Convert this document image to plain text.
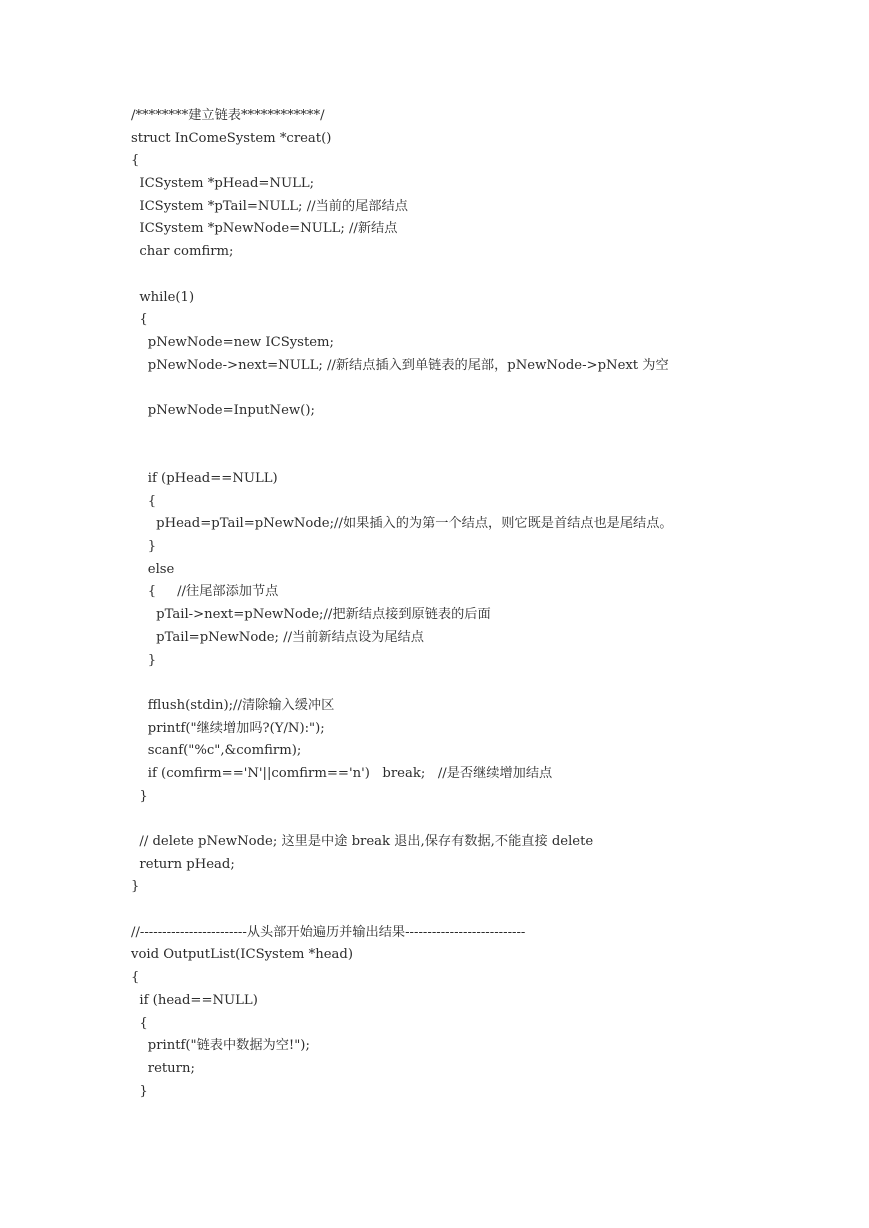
/********建立链表************/
struct InComeSystem *creat()
{
ICSystem *pHead=NULL;
ICSystem *pTail=NULL; //当前的尾部结点
ICSystem *pNewNode=NULL; //新结点
char comfirm;
while(1)
{
pNewNode=new ICSystem;
pNewNode->next=NULL; //新结点插入到单链表的尾部，pNewNode->pNext 为空
pNewNode=InputNew();
if (pHead==NULL)
{
pHead=pTail=pNewNode;//如果插入的为第一个结点，则它既是首结点也是尾结点。
}
else
{     //往尾部添加节点
pTail->next=pNewNode;//把新结点接到原链表的后面
pTail=pNewNode; //当前新结点设为尾结点
}
fflush(stdin);//清除输入缓冲区
printf("继续增加吗?(Y/N):");
scanf("%c",&comfirm);
if (comfirm=='N'||comfirm=='n')   break;   //是否继续增加结点
}
// delete pNewNode; 这里是中途 break 退出,保存有数据,不能直接 delete
return pHead;
}
//------------------------从头部开始遍历并输出结果---------------------------
void OutputList(ICSystem *head)
{
if (head==NULL)
{
printf("链表中数据为空!");
return;
}
